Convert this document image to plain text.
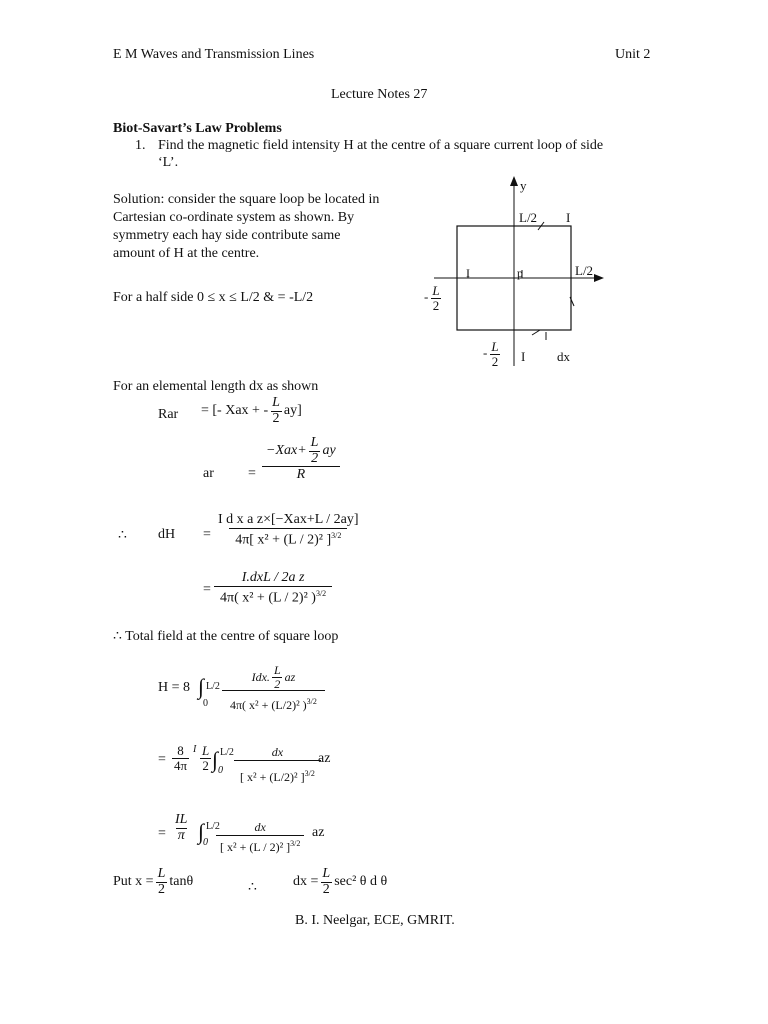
E M Waves and Transmission Lines	Unit 2
Lecture Notes 27
Biot-Savart’s Law Problems
1. Find the magnetic field intensity H at the centre of a square current loop of side
‘L’.
Solution: consider the square loop be located in
Cartesian co-ordinate system as shown. By
symmetry each hay side contribute same
amount of H at the centre.
For a half side 0 ≤ x ≤ L/2 & = -L/2
y
L/2 I
L/2
I	p
- $\frac{L}{2}$
- $\frac{L}{2}$ I dx
For an elemental length dx as shown
Rar = [- Xax + - $\frac{L}{2} ay$]
ar =
$-Xax+ \frac{L}{2}$ ay
R
∴ dH =
I d x a z×[−Xax+L / 2ay]
4π[ x² + (L / 2)² ]$^{3/2}$
=
I.dxL / 2a z
4π( x² + (L / 2)² )$^{3/2}$
∴ Total field at the centre of square loop
H = 8 ∫ L/2
0
Idx. $\frac{L}{2}$ az
4π( x² + (L/2)² )$^{3/2}$
= $\frac{8}{4\pi}$ I $\frac{L}{2}$ ∫ L/2
$0 \frac{dx}{[ x^2 + (L/2)^2 ]^{3/2}}$
az
= $\frac{IL}{\pi}$ ∫ L/2
$0 \frac{dx}{[ x^2 + (L / 2)^2 ]^{3/2}}$ az
Put $x = \frac{L}{2}$ tanθ	∴	dx = $\frac{L}{2} \sec^2$ θ d θ
B. I. Neelgar, ECE, GMRIT.
